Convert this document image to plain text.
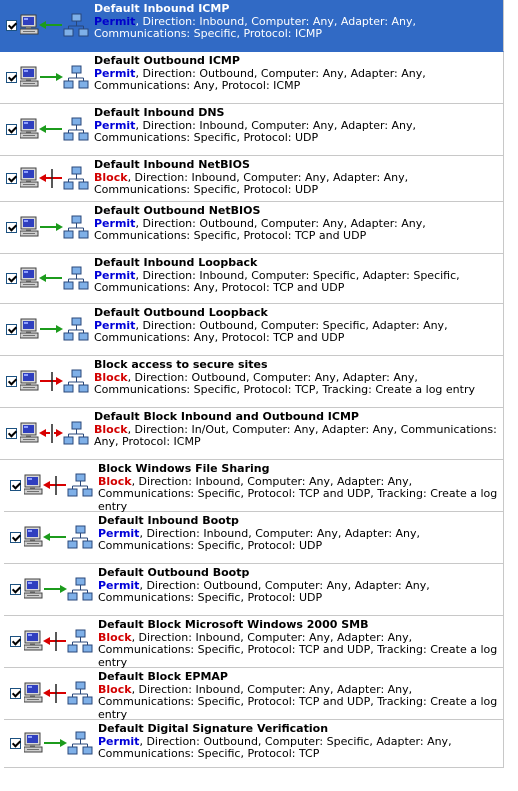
Default Inbound ICMP
Permit, Direction: Inbound, Computer: Any, Adapter: Any, Communications: Specific, Protocol: ICMP
Default Outbound ICMP
Permit, Direction: Outbound, Computer: Any, Adapter: Any, Communications: Any, Protocol: ICMP
Default Inbound DNS
Permit, Direction: Inbound, Computer: Any, Adapter: Any, Communications: Specific, Protocol: UDP
Default Inbound NetBIOS
Block, Direction: Inbound, Computer: Any, Adapter: Any, Communications: Specific, Protocol: UDP
Default Outbound NetBIOS
Permit, Direction: Outbound, Computer: Any, Adapter: Any, Communications: Specific, Protocol: TCP and UDP
Default Inbound Loopback
Permit, Direction: Inbound, Computer: Specific, Adapter: Specific, Communications: Any, Protocol: TCP and UDP
Default Outbound Loopback
Permit, Direction: Outbound, Computer: Specific, Adapter: Any, Communications: Any, Protocol: TCP and UDP
Block access to secure sites
Block, Direction: Outbound, Computer: Any, Adapter: Any, Communications: Specific, Protocol: TCP, Tracking: Create a log entry
Default Block Inbound and Outbound ICMP
Block, Direction: In/Out, Computer: Any, Adapter: Any, Communications: Any, Protocol: ICMP
Block Windows File Sharing
Block, Direction: Inbound, Computer: Any, Adapter: Any, Communications: Specific, Protocol: TCP and UDP, Tracking: Create a log entry
Default Inbound Bootp
Permit, Direction: Inbound, Computer: Any, Adapter: Any, Communications: Specific, Protocol: UDP
Default Outbound Bootp
Permit, Direction: Outbound, Computer: Any, Adapter: Any, Communications: Specific, Protocol: UDP
Default Block Microsoft Windows 2000 SMB
Block, Direction: Inbound, Computer: Any, Adapter: Any, Communications: Specific, Protocol: TCP and UDP, Tracking: Create a log entry
Default Block EPMAP
Block, Direction: Inbound, Computer: Any, Adapter: Any, Communications: Specific, Protocol: TCP and UDP, Tracking: Create a log entry
Default Digital Signature Verification
Permit, Direction: Outbound, Computer: Specific, Adapter: Any, Communications: Specific, Protocol: TCP
